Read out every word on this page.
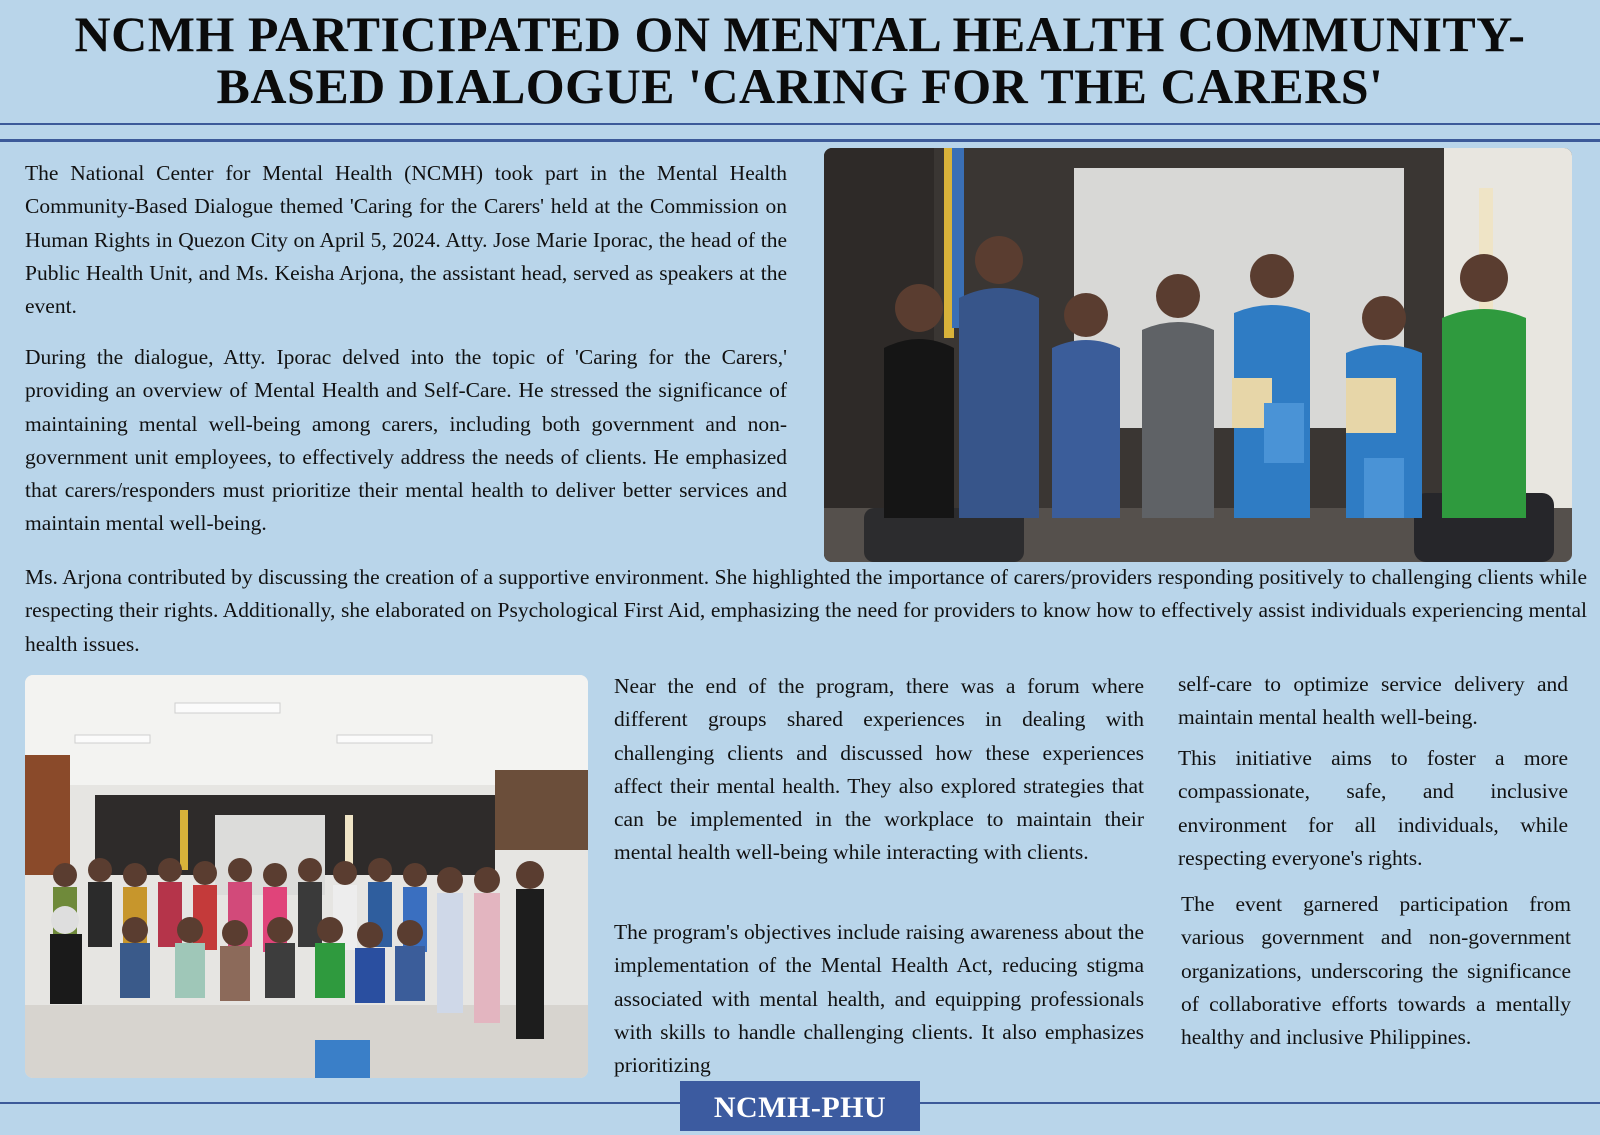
NCMH PARTICIPATED ON MENTAL HEALTH COMMUNITY-
BASED DIALOGUE 'CARING FOR THE CARERS'

The National Center for Mental Health (NCMH) took part in the Mental Health Community-Based Dialogue themed 'Caring for the Carers' held at the Commission on Human Rights in Quezon City on April 5, 2024. Atty. Jose Marie Iporac, the head of the Public Health Unit, and Ms. Keisha Arjona, the assistant head, served as speakers at the event.

During the dialogue, Atty. Iporac delved into the topic of 'Caring for the Carers,' providing an overview of Mental Health and Self-Care. He stressed the significance of maintaining mental well-being among carers, including both government and non-government unit employees, to effectively address the needs of clients. He emphasized that carers/responders must prioritize their mental health to deliver better services and maintain mental well-being.

Ms. Arjona contributed by discussing the creation of a supportive environment. She highlighted the importance of carers/providers responding positively to challenging clients while respecting their rights. Additionally, she elaborated on Psychological First Aid, emphasizing the need for providers to know how to effectively assist individuals experiencing mental health issues.

Near the end of the program, there was a forum where different groups shared experiences in dealing with challenging clients and discussed how these experiences affect their mental health. They also explored strategies that can be implemented in the workplace to maintain their mental health well-being while interacting with clients.

The program's objectives include raising awareness about the implementation of the Mental Health Act, reducing stigma associated with mental health, and equipping professionals with skills to handle challenging clients. It also emphasizes prioritizing

self-care to optimize service delivery and maintain mental health well-being.

This initiative aims to foster a more compassionate, safe, and inclusive environment for all individuals, while respecting everyone's rights.

The event garnered participation from various government and non-government organizations, underscoring the significance of collaborative efforts towards a mentally healthy and inclusive Philippines.

NCMH-PHU
